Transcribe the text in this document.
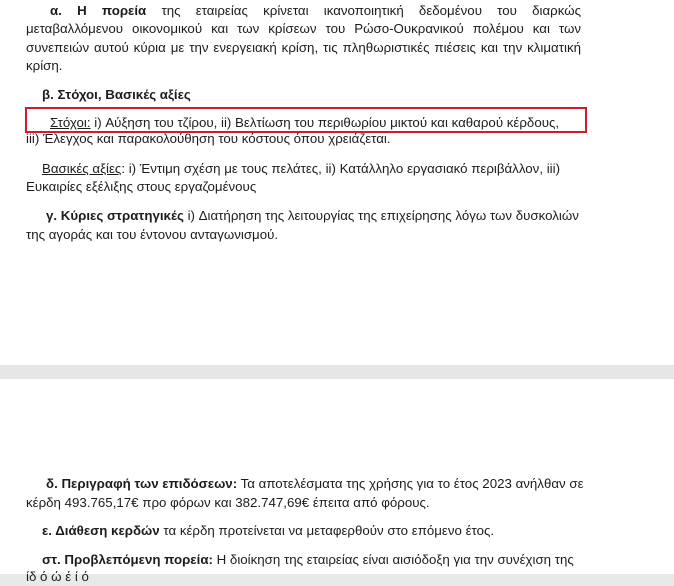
α. Η πορεία της εταιρείας κρίνεται ικανοποιητική δεδομένου του διαρκώς
μεταβαλλόμενου οικονομικού και των κρίσεων του Ρώσο-Ουκρανικού πολέμου και των
συνεπειών αυτού κύρια με την ενεργειακή κρίση, τις πληθωριστικές πιέσεις και την κλιματική
κρίση.
β. Στόχοι, Βασικές αξίες
Στόχοι: i) Αύξηση του τζίρου, ii) Βελτίωση του περιθωρίου μικτού και καθαρού κέρδους,
iii) Έλεγχος και παρακολούθηση του κόστους όπου χρειάζεται.
Βασικές αξίες: i) Έντιμη σχέση με τους πελάτες, ii) Κατάλληλο εργασιακό περιβάλλον, iii)
Ευκαιρίες εξέλιξης στους εργαζομένους
γ. Κύριες στρατηγικές i) Διατήρηση της λειτουργίας της επιχείρησης λόγω των δυσκολιών
της αγοράς και του έντονου ανταγωνισμού.
δ. Περιγραφή των επιδόσεων: Τα αποτελέσματα της χρήσης για το έτος 2023 ανήλθαν σε
κέρδη 493.765,17€ προ φόρων και 382.747,69€ έπειτα από φόρους.
ε. Διάθεση κερδών τα κέρδη προτείνεται να μεταφερθούν στο επόμενο έτος.
στ. Προβλεπόμενη πορεία: Η διοίκηση της εταιρείας είναι αισιόδοξη για την συνέχιση της
ίδ ό ώ έ ί ό
